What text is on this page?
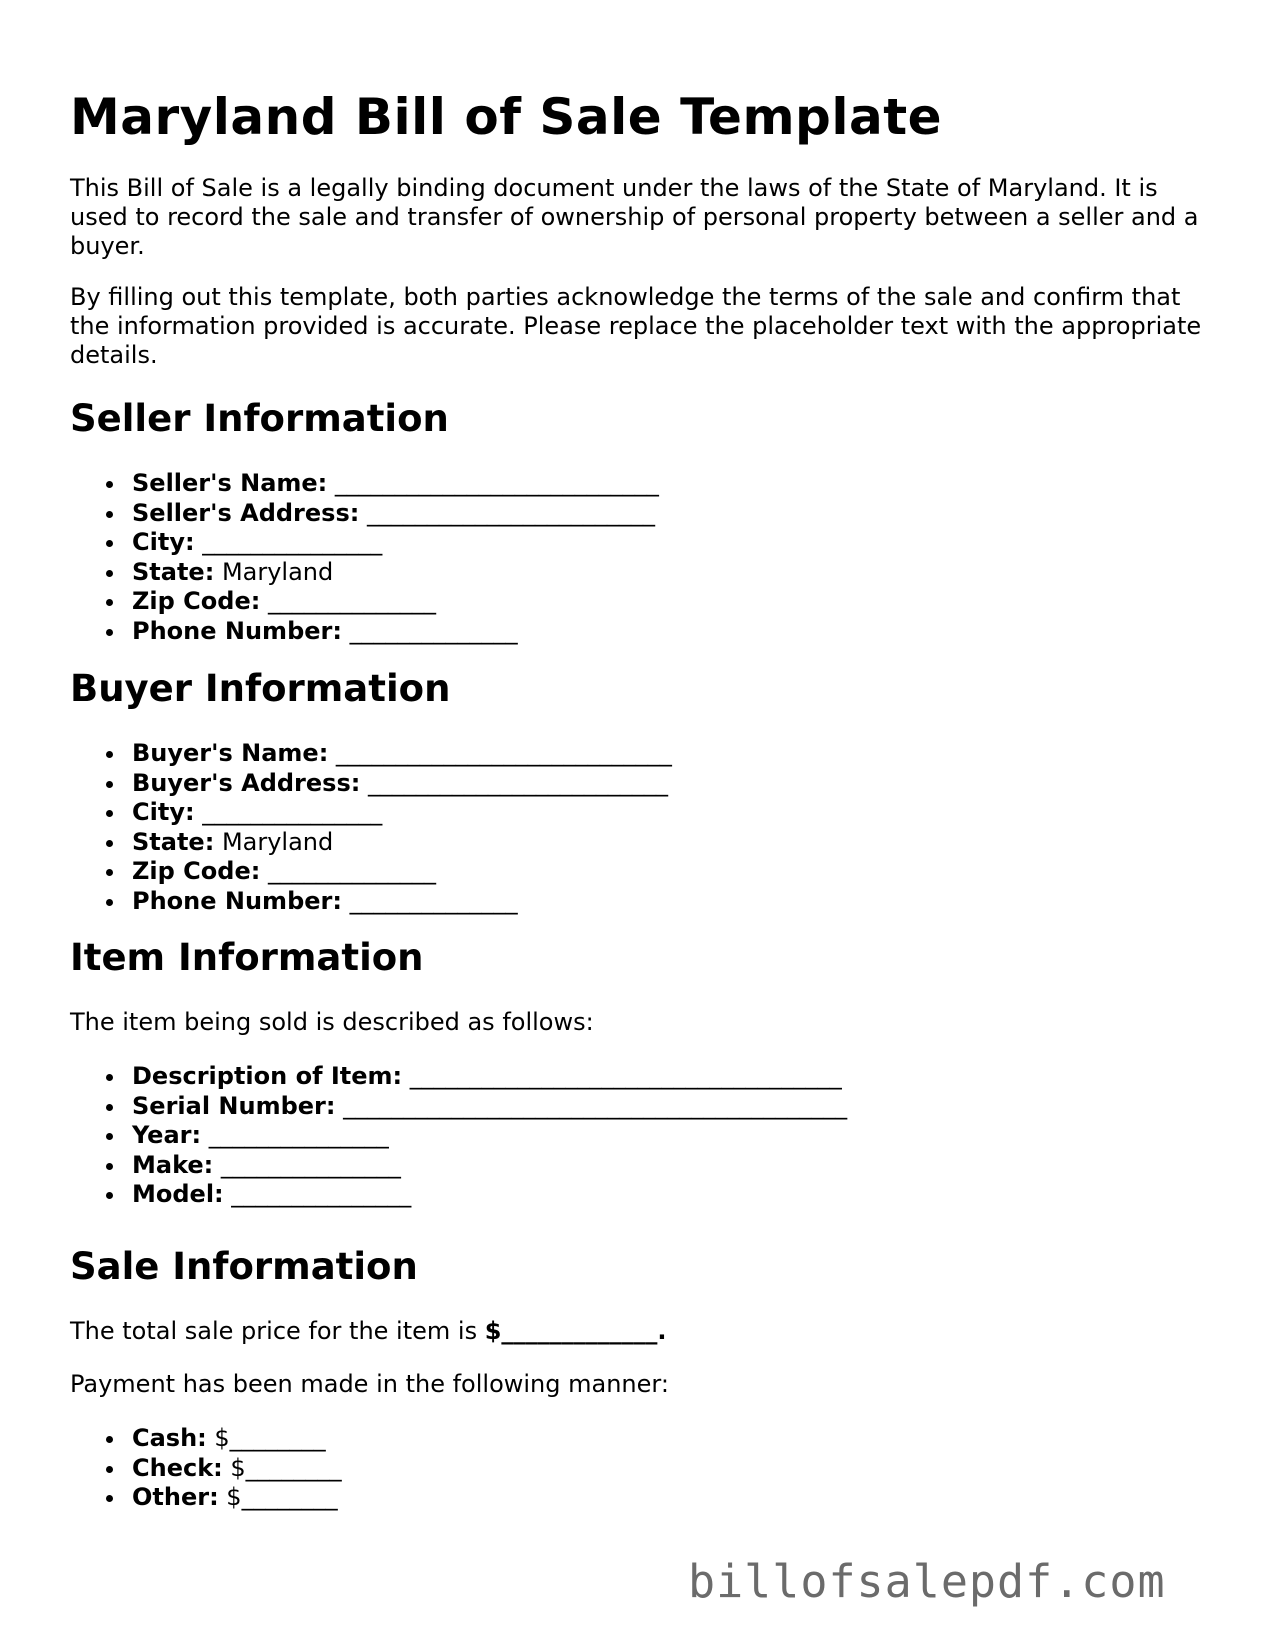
Maryland Bill of Sale Template

This Bill of Sale is a legally binding document under the laws of the State of Maryland. It is used to record the sale and transfer of ownership of personal property between a seller and a buyer.

By filling out this template, both parties acknowledge the terms of the sale and confirm that the information provided is accurate. Please replace the placeholder text with the appropriate details.

Seller Information
Seller's Name: ___________________________
Seller's Address: ________________________
City: _______________
State: Maryland
Zip Code: ______________
Phone Number: ______________
Buyer Information
Buyer's Name: ____________________________
Buyer's Address: _________________________
City: _______________
State: Maryland
Zip Code: ______________
Phone Number: ______________
Item Information

The item being sold is described as follows:

Description of Item: ____________________________________
Serial Number: __________________________________________
Year: _______________
Make: _______________
Model: _______________
Sale Information

The total sale price for the item is $_____________.

Payment has been made in the following manner:

Cash: $________
Check: $________
Other: $________
billofsalepdf.com
